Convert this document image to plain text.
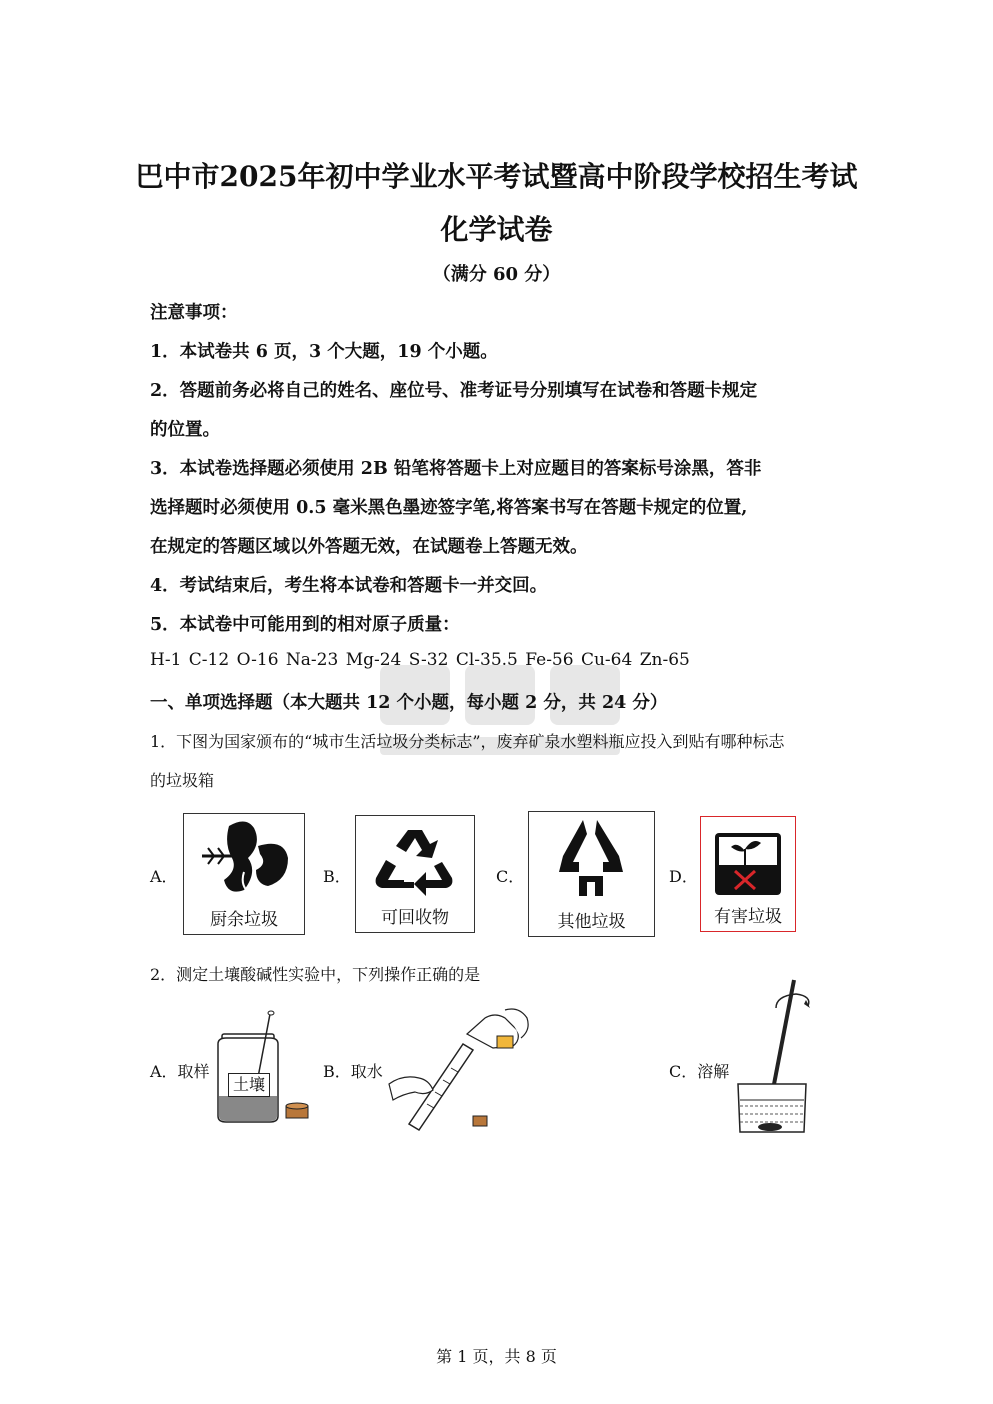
巴中市2025年初中学业水平考试暨高中阶段学校招生考试
化学试卷
（满分 60 分）
注意事项：
1．本试卷共 6 页，3 个大题，19 个小题。
2．答题前务必将自己的姓名、座位号、准考证号分别填写在试卷和答题卡规定
的位置。
3．本试卷选择题必须使用 2B 铅笔将答题卡上对应题目的答案标号涂黑，答非
选择题时必须使用 0.5 毫米黑色墨迹签字笔,将答案书写在答题卡规定的位置,
在规定的答题区域以外答题无效，在试题卷上答题无效。
4．考试结束后，考生将本试卷和答题卡一并交回。
5．本试卷中可能用到的相对原子质量：
H-1 C-12 O-16 Na-23 Mg-24 S-32 Cl-35.5 Fe-56 Cu-64 Zn-65
一、单项选择题（本大题共 12 个小题，每小题 2 分，共 24 分）
1．下图为国家颁布的“城市生活垃圾分类标志”，废弃矿泉水塑料瓶应投入到贴有哪种标志
的垃圾箱
A．
厨余垃圾
B．
可回收物
C．
其他垃圾
D．
有害垃圾
2．测定土壤酸碱性实验中，下列操作正确的是
A．取样
土壤
B．取水	C．溶解
第 1 页，共 8 页
